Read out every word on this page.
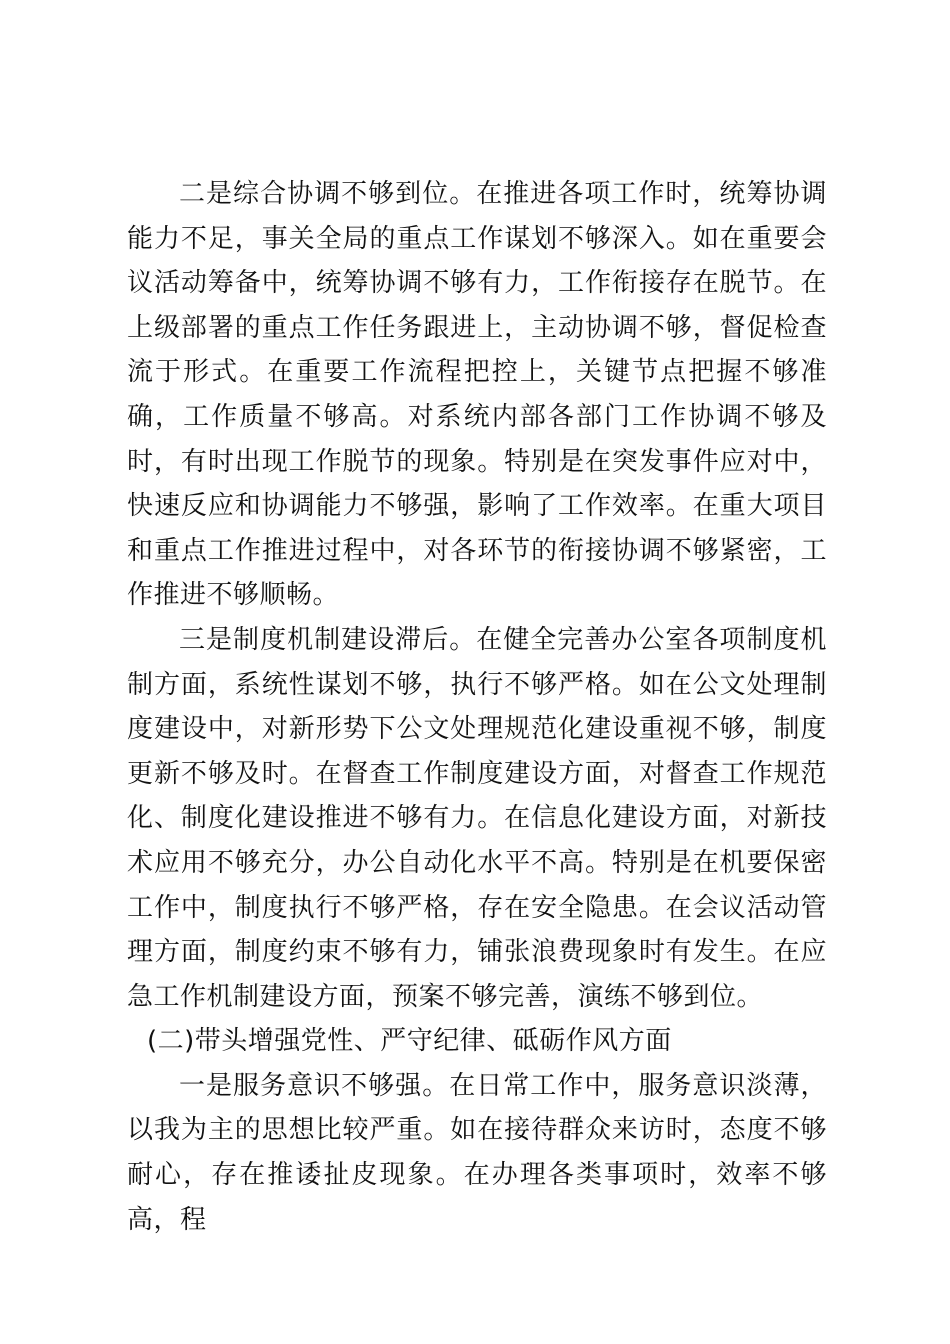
二是综合协调不够到位。在推进各项工作时，统筹协调能力不足，事关全局的重点工作谋划不够深入。如在重要会议活动筹备中，统筹协调不够有力，工作衔接存在脱节。在上级部署的重点工作任务跟进上，主动协调不够，督促检查流于形式。在重要工作流程把控上，关键节点把握不够准确，工作质量不够高。对系统内部各部门工作协调不够及时，有时出现工作脱节的现象。特别是在突发事件应对中，快速反应和协调能力不够强，影响了工作效率。在重大项目和重点工作推进过程中，对各环节的衔接协调不够紧密，工作推进不够顺畅。

三是制度机制建设滞后。在健全完善办公室各项制度机制方面，系统性谋划不够，执行不够严格。如在公文处理制度建设中，对新形势下公文处理规范化建设重视不够，制度更新不够及时。在督查工作制度建设方面，对督查工作规范化、制度化建设推进不够有力。在信息化建设方面，对新技术应用不够充分，办公自动化水平不高。特别是在机要保密工作中，制度执行不够严格，存在安全隐患。在会议活动管理方面，制度约束不够有力，铺张浪费现象时有发生。在应急工作机制建设方面，预案不够完善，演练不够到位。

(二)带头增强党性、严守纪律、砥砺作风方面

一是服务意识不够强。在日常工作中，服务意识淡薄，以我为主的思想比较严重。如在接待群众来访时，态度不够耐心，存在推诿扯皮现象。在办理各类事项时，效率不够高，程
